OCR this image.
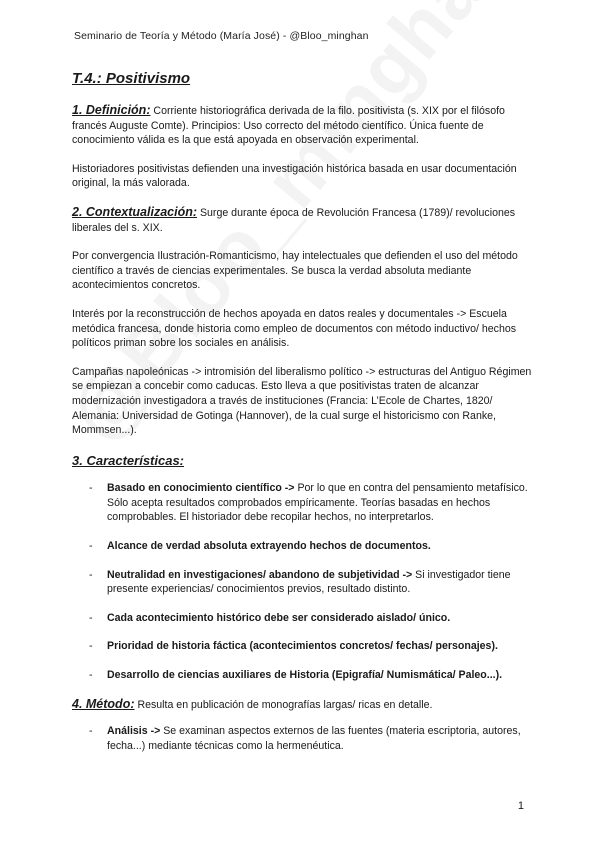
Seminario de Teoría y Método (María José) - @Bloo_minghan
T.4.: Positivismo

1. Definición: Corriente historiográfica derivada de la filo. positivista (s. XIX por el filósofo francés Auguste Comte). Principios: Uso correcto del método científico. Única fuente de conocimiento válida es la que está apoyada en observación experimental.

Historiadores positivistas defienden una investigación histórica basada en usar documentación original, la más valorada.

2. Contextualización: Surge durante época de Revolución Francesa (1789)/ revoluciones liberales del s. XIX.

Por convergencia Ilustración-Romanticismo, hay intelectuales que defienden el uso del método científico a través de ciencias experimentales. Se busca la verdad absoluta mediante acontecimientos concretos.

Interés por la reconstrucción de hechos apoyada en datos reales y documentales -> Escuela metódica francesa, donde historia como empleo de documentos con método inductivo/ hechos políticos priman sobre los sociales en análisis.

Campañas napoleónicas -> intromisión del liberalismo político -> estructuras del Antiguo Régimen se empiezan a concebir como caducas. Esto lleva a que positivistas traten de alcanzar modernización investigadora a través de instituciones (Francia: L’Ecole de Chartes, 1820/ Alemania: Universidad de Gotinga (Hannover), de la cual surge el historicismo con Ranke, Mommsen...).

3. Características:

- Basado en conocimiento científico -> Por lo que en contra del pensamiento metafísico. Sólo acepta resultados comprobados empíricamente. Teorías basadas en hechos comprobables. El historiador debe recopilar hechos, no interpretarlos.
- Alcance de verdad absoluta extrayendo hechos de documentos.
- Neutralidad en investigaciones/ abandono de subjetividad -> Si investigador tiene presente experiencias/ conocimientos previos, resultado distinto.
- Cada acontecimiento histórico debe ser considerado aislado/ único.
- Prioridad de historia fáctica (acontecimientos concretos/ fechas/ personajes).
- Desarrollo de ciencias auxiliares de Historia (Epigrafía/ Numismática/ Paleo...).

4. Método: Resulta en publicación de monografías largas/ ricas en detalle.

- Análisis -> Se examinan aspectos externos de las fuentes (materia escriptoria, autores, fecha...) mediante técnicas como la hermenéutica.
1
